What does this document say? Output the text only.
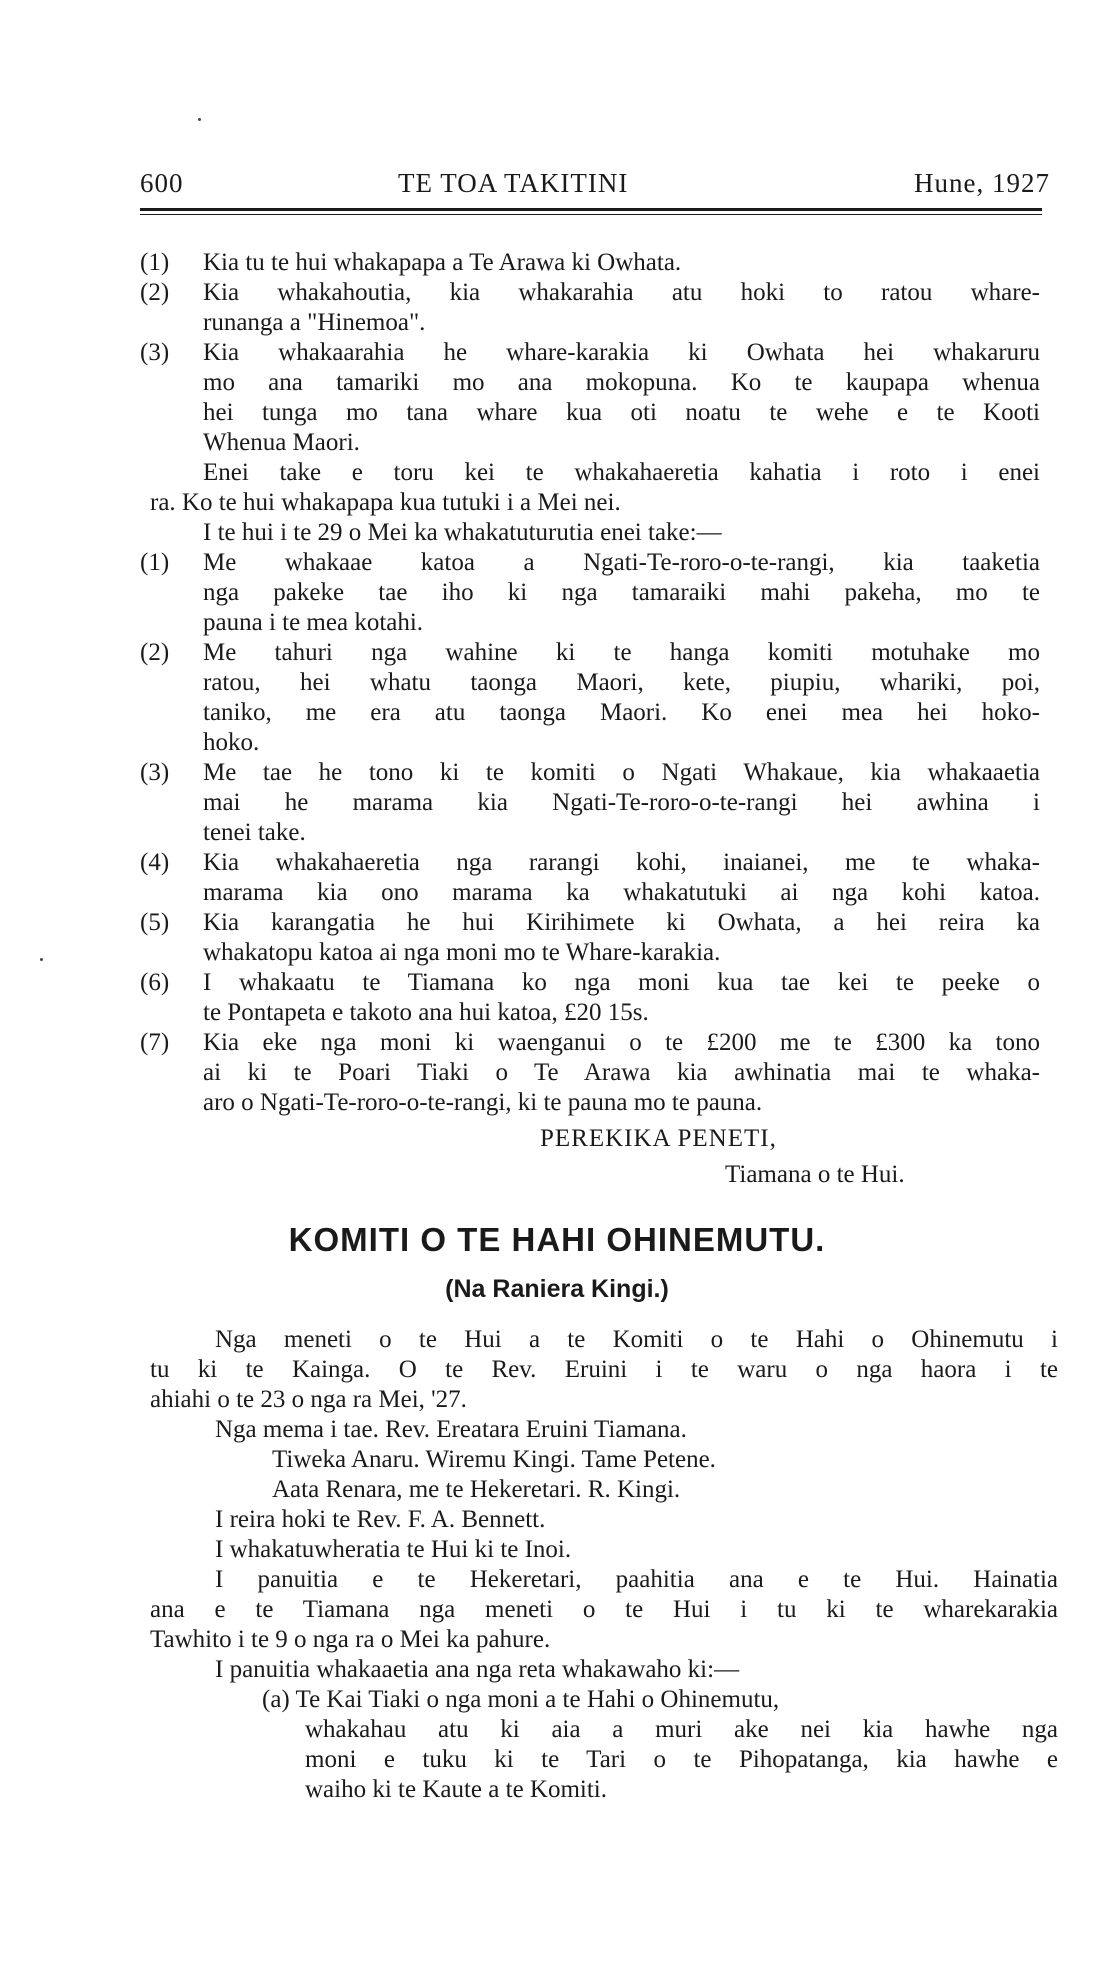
600	TE TOA TAKITINI	Hune, 1927
(1) Kia tu te hui whakapapa a Te Arawa ki Owhata.
(2) Kia whakahoutia, kia whakarahia atu hoki to ratou whare-
runanga a "Hinemoa".
(3) Kia whakaarahia he whare-karakia ki Owhata hei whakaruru
mo ana tamariki mo ana mokopuna. Ko te kaupapa whenua
hei tunga mo tana whare kua oti noatu te wehe e te Kooti
Whenua Maori.
Enei take e toru kei te whakahaeretia kahatia i roto i enei
ra. Ko te hui whakapapa kua tutuki i a Mei nei.
I te hui i te 29 o Mei ka whakatuturutia enei take:—
(1) Me whakaae katoa a Ngati-Te-roro-o-te-rangi, kia taaketia
nga pakeke tae iho ki nga tamaraiki mahi pakeha, mo te
pauna i te mea kotahi.
(2) Me tahuri nga wahine ki te hanga komiti motuhake mo
ratou, hei whatu taonga Maori, kete, piupiu, whariki, poi,
taniko, me era atu taonga Maori. Ko enei mea hei hoko-
hoko.
(3) Me tae he tono ki te komiti o Ngati Whakaue, kia whakaaetia
mai he marama kia Ngati-Te-roro-o-te-rangi hei awhina i
tenei take.
(4) Kia whakahaeretia nga rarangi kohi, inaianei, me te whaka-
marama kia ono marama ka whakatutuki ai nga kohi katoa.
(5) Kia karangatia he hui Kirihimete ki Owhata, a hei reira ka
whakatopu katoa ai nga moni mo te Whare-karakia.
(6) I whakaatu te Tiamana ko nga moni kua tae kei te peeke o
te Pontapeta e takoto ana hui katoa, £20 15s.
(7) Kia eke nga moni ki waenganui o te £200 me te £300 ka tono
ai ki te Poari Tiaki o Te Arawa kia awhinatia mai te whaka-
aro o Ngati-Te-roro-o-te-rangi, ki te pauna mo te pauna.
PEREKIKA PENETI,
Tiamana o te Hui.
KOMITI O TE HAHI OHINEMUTU.
(Na Raniera Kingi.)
Nga meneti o te Hui a te Komiti o te Hahi o Ohinemutu i
tu ki te Kainga. O te Rev. Eruini i te waru o nga haora i te
ahiahi o te 23 o nga ra Mei, '27.
Nga mema i tae. Rev. Ereatara Eruini Tiamana.
Tiweka Anaru. Wiremu Kingi. Tame Petene.
Aata Renara, me te Hekeretari. R. Kingi.
I reira hoki te Rev. F. A. Bennett.
I whakatuwheratia te Hui ki te Inoi.
I panuitia e te Hekeretari, paahitia ana e te Hui. Hainatia
ana e te Tiamana nga meneti o te Hui i tu ki te wharekarakia
Tawhito i te 9 o nga ra o Mei ka pahure.
I panuitia whakaaetia ana nga reta whakawaho ki:—
(a) Te Kai Tiaki o nga moni a te Hahi o Ohinemutu,
whakahau atu ki aia a muri ake nei kia hawhe nga
moni e tuku ki te Tari o te Pihopatanga, kia hawhe e
waiho ki te Kaute a te Komiti.
